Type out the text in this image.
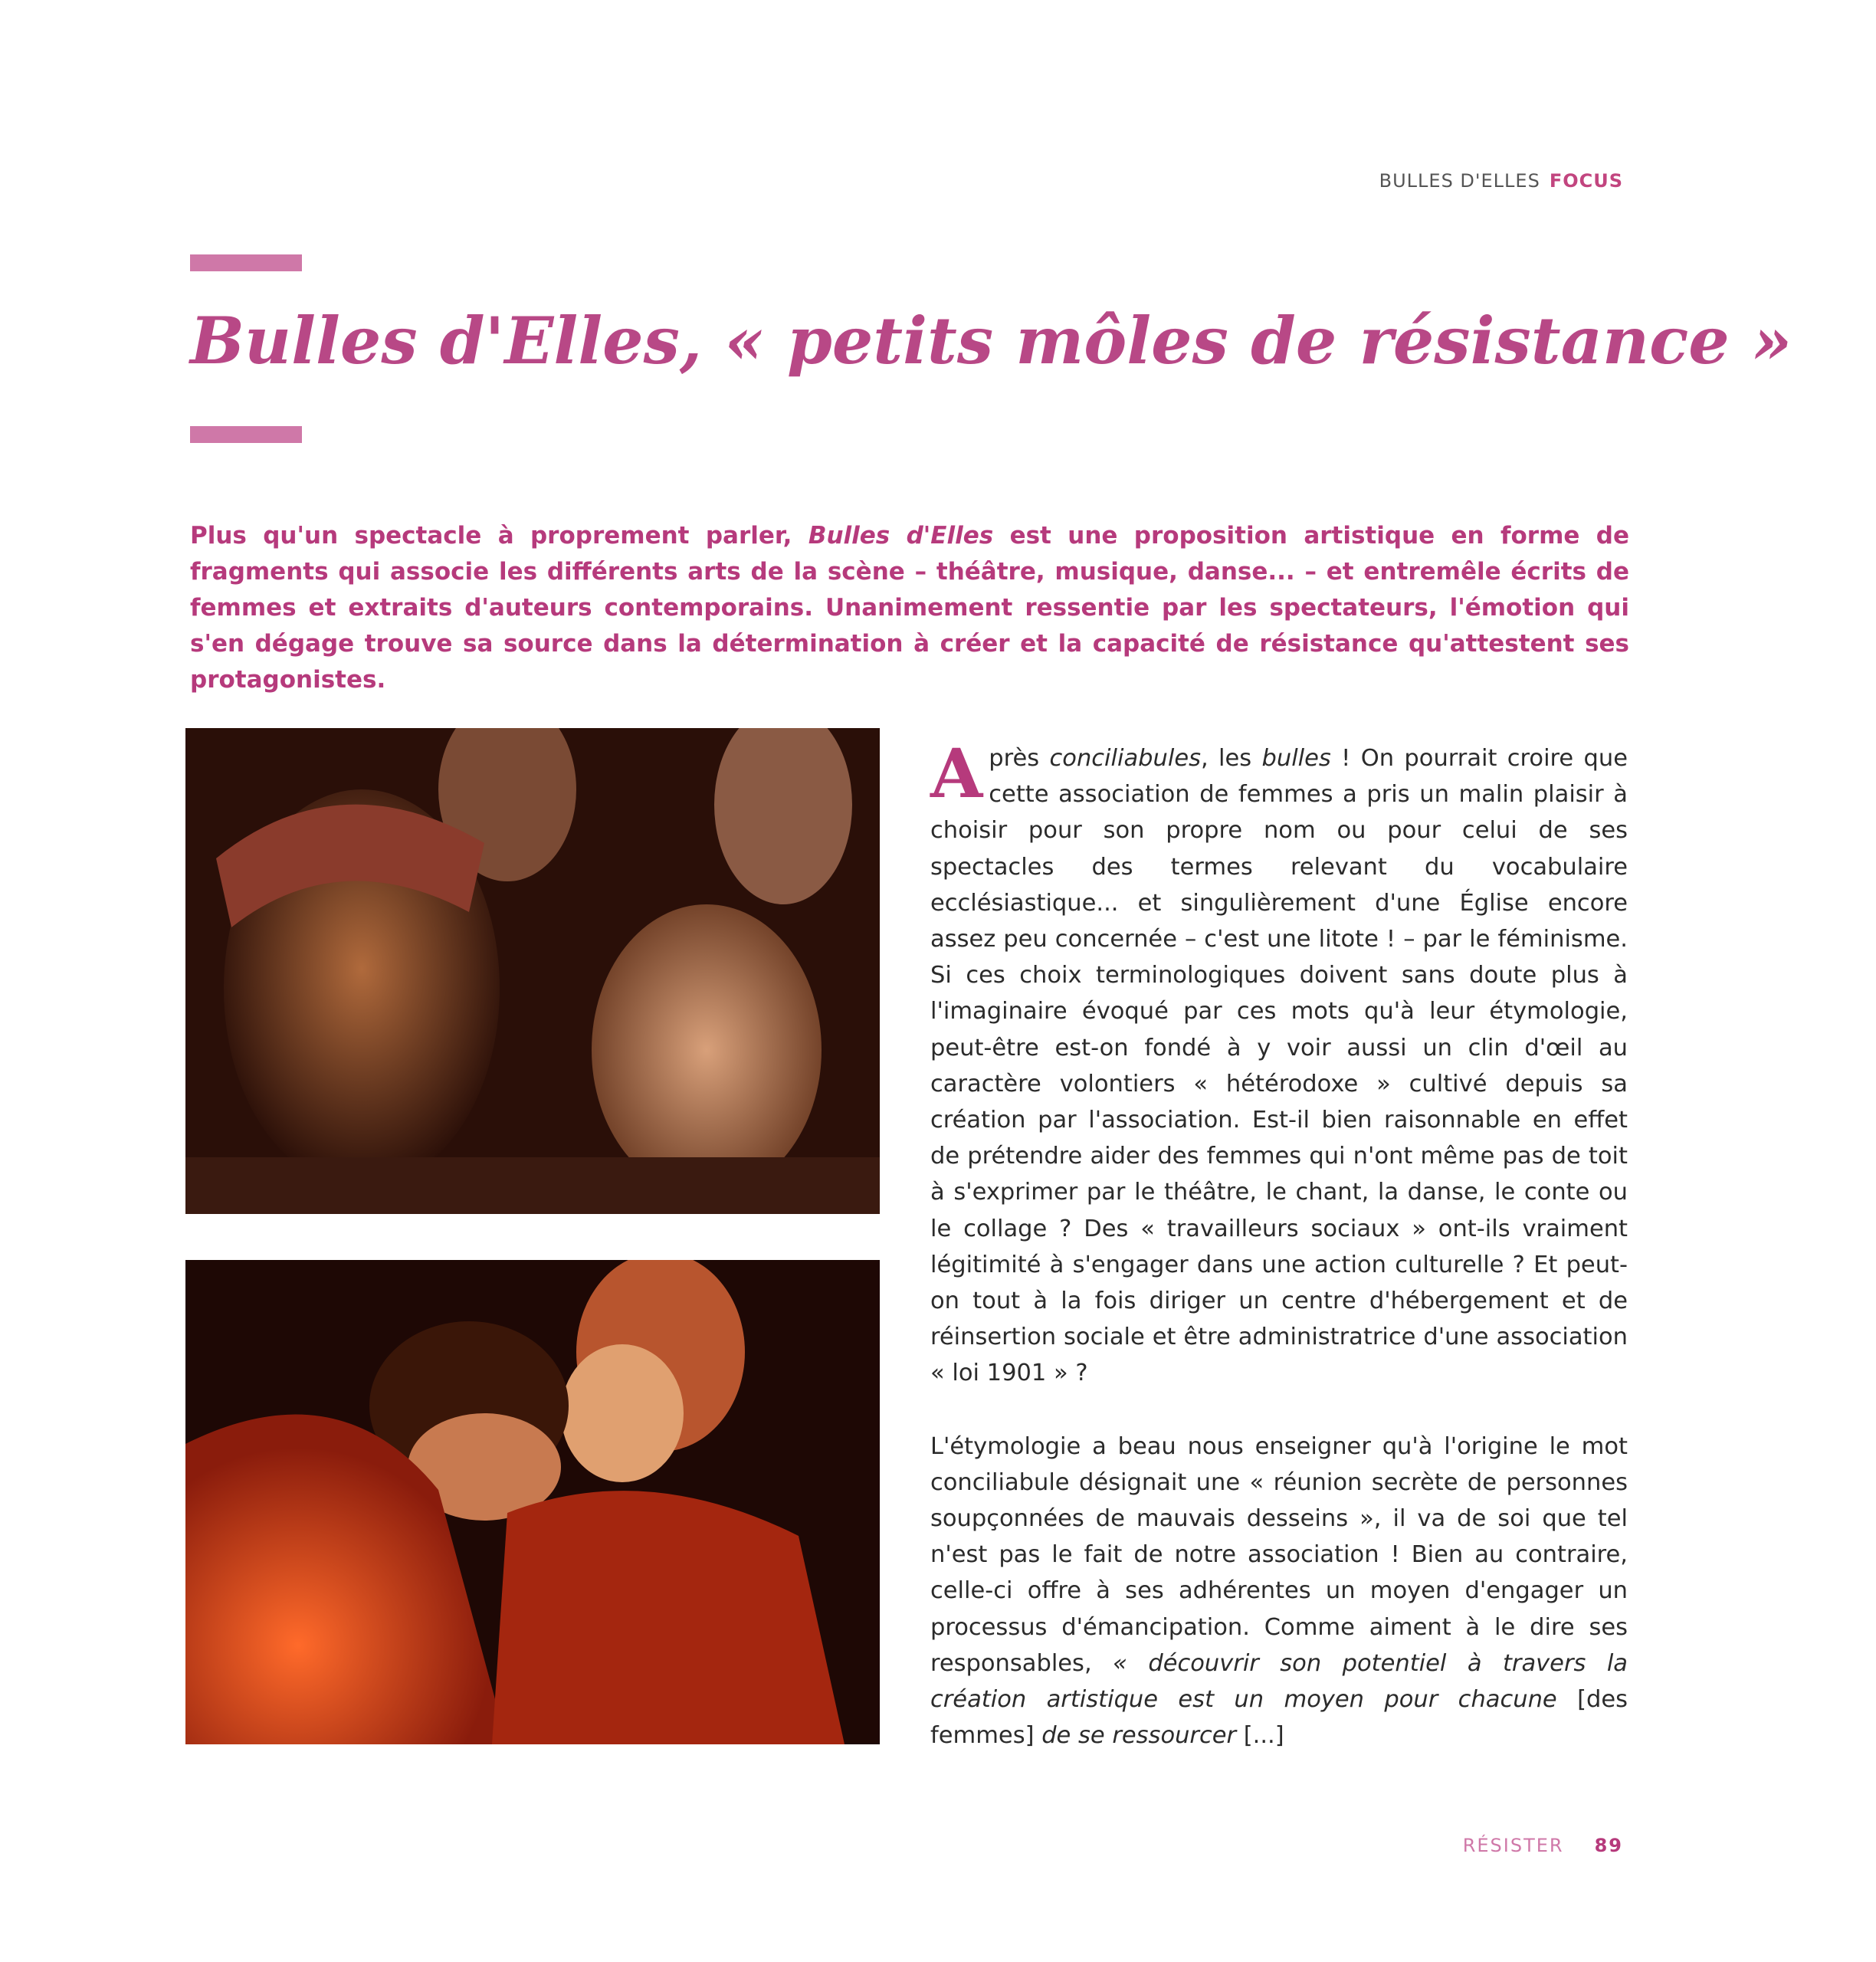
BULLES D'ELLES FOCUS
Bulles d'Elles, « petits môles de résistance »
Plus qu'un spectacle à proprement parler, Bulles d'Elles est une proposition artistique en forme de fragments qui associe les différents arts de la scène – théâtre, musique, danse... – et entremêle écrits de femmes et extraits d'auteurs contemporains. Unanimement ressentie par les spectateurs, l'émotion qui s'en dégage trouve sa source dans la détermination à créer et la capacité de résistance qu'attestent ses protagonistes.

Après conciliabules, les bulles ! On pourrait croire que cette association de femmes a pris un malin plaisir à choisir pour son propre nom ou pour celui de ses spectacles des termes relevant du vocabulaire ecclésiastique... et singulièrement d'une Église encore assez peu concernée – c'est une litote ! – par le féminisme. Si ces choix terminologiques doivent sans doute plus à l'imaginaire évoqué par ces mots qu'à leur étymologie, peut-être est-on fondé à y voir aussi un clin d'œil au caractère volontiers « hétérodoxe » cultivé depuis sa création par l'association. Est-il bien raisonnable en effet de prétendre aider des femmes qui n'ont même pas de toit à s'exprimer par le théâtre, le chant, la danse, le conte ou le collage ? Des « travailleurs sociaux » ont-ils vraiment légitimité à s'engager dans une action culturelle ? Et peut-on tout à la fois diriger un centre d'hébergement et de réinsertion sociale et être administratrice d'une association « loi 1901 » ?

L'étymologie a beau nous enseigner qu'à l'origine le mot conciliabule désignait une « réunion secrète de personnes soupçonnées de mauvais desseins », il va de soi que tel n'est pas le fait de notre association ! Bien au contraire, celle-ci offre à ses adhérentes un moyen d'engager un processus d'émancipation. Comme aiment à le dire ses responsables, « découvrir son potentiel à travers la création artistique est un moyen pour chacune [des femmes] de se ressourcer [...]

RÉSISTER 89
